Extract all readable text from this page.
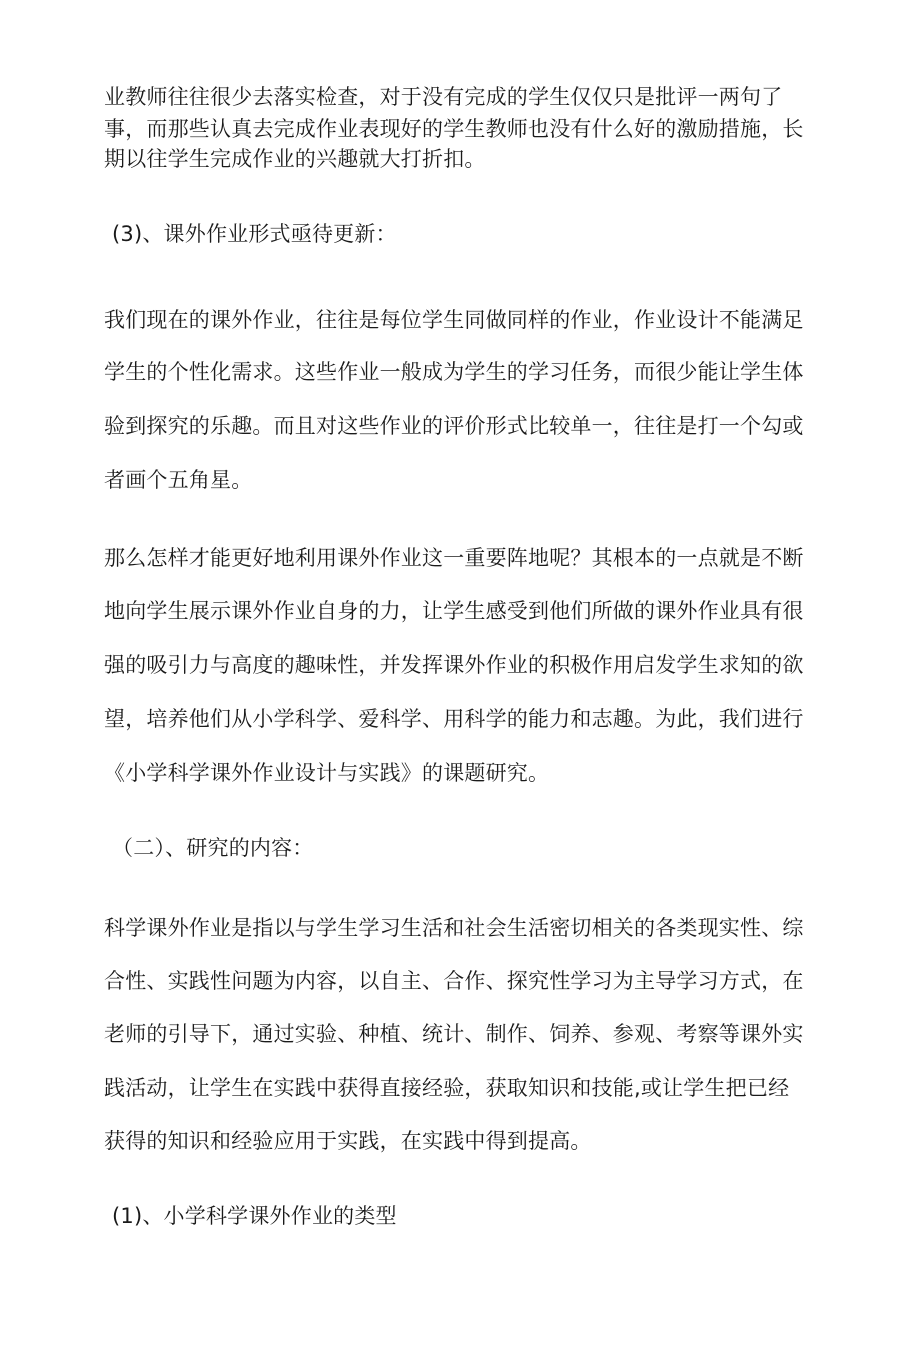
业教师往往很少去落实检查，对于没有完成的学生仅仅只是批评一两句了
事，而那些认真去完成作业表现好的学生教师也没有什么好的激励措施，长
期以往学生完成作业的兴趣就大打折扣。
(3)、课外作业形式亟待更新：
我们现在的课外作业，往往是每位学生同做同样的作业，作业设计不能满足
学生的个性化需求。这些作业一般成为学生的学习任务，而很少能让学生体
验到探究的乐趣。而且对这些作业的评价形式比较单一，往往是打一个勾或
者画个五角星。
那么怎样才能更好地利用课外作业这一重要阵地呢？其根本的一点就是不断
地向学生展示课外作业自身的力，让学生感受到他们所做的课外作业具有很
强的吸引力与高度的趣味性，并发挥课外作业的积极作用启发学生求知的欲
望，培养他们从小学科学、爱科学、用科学的能力和志趣。为此，我们进行
《小学科学课外作业设计与实践》的课题研究。
（二）、研究的内容：
科学课外作业是指以与学生学习生活和社会生活密切相关的各类现实性、综
合性、实践性问题为内容，以自主、合作、探究性学习为主导学习方式，在
老师的引导下，通过实验、种植、统计、制作、饲养、参观、考察等课外实
践活动，让学生在实践中获得直接经验，获取知识和技能,或让学生把已经
获得的知识和经验应用于实践，在实践中得到提高。
(1)、小学科学课外作业的类型
